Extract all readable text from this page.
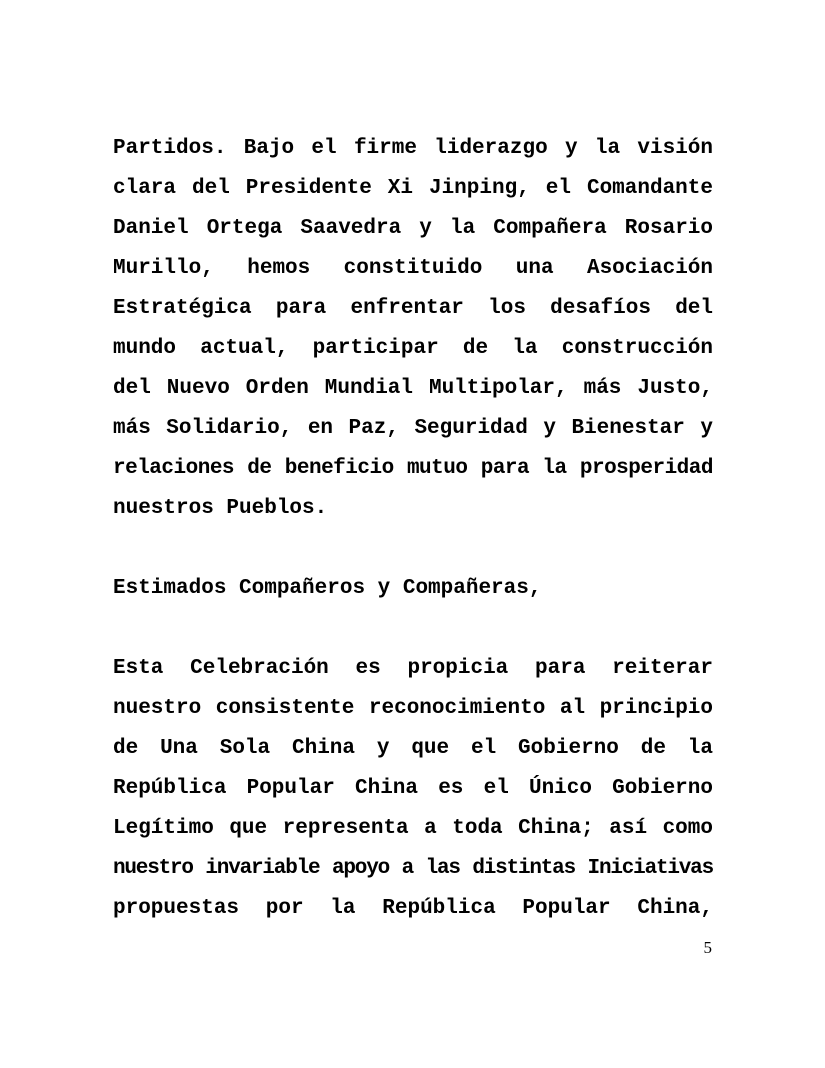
Partidos. Bajo el firme liderazgo y la visión
clara del Presidente Xi Jinping, el Comandante
Daniel Ortega Saavedra y la Compañera Rosario
Murillo, hemos constituido una Asociación
Estratégica para enfrentar los desafíos del
mundo actual, participar de la construcción
del Nuevo Orden Mundial Multipolar, más Justo,
más Solidario, en Paz, Seguridad y Bienestar y
relaciones de beneficio mutuo para la prosperidad
nuestros Pueblos.
Estimados Compañeros y Compañeras,
Esta Celebración es propicia para reiterar
nuestro consistente reconocimiento al principio
de Una Sola China y que el Gobierno de la
República Popular China es el Único Gobierno
Legítimo que representa a toda China; así como
nuestro invariable apoyo a las distintas Iniciativas
propuestas por la República Popular China,
5
